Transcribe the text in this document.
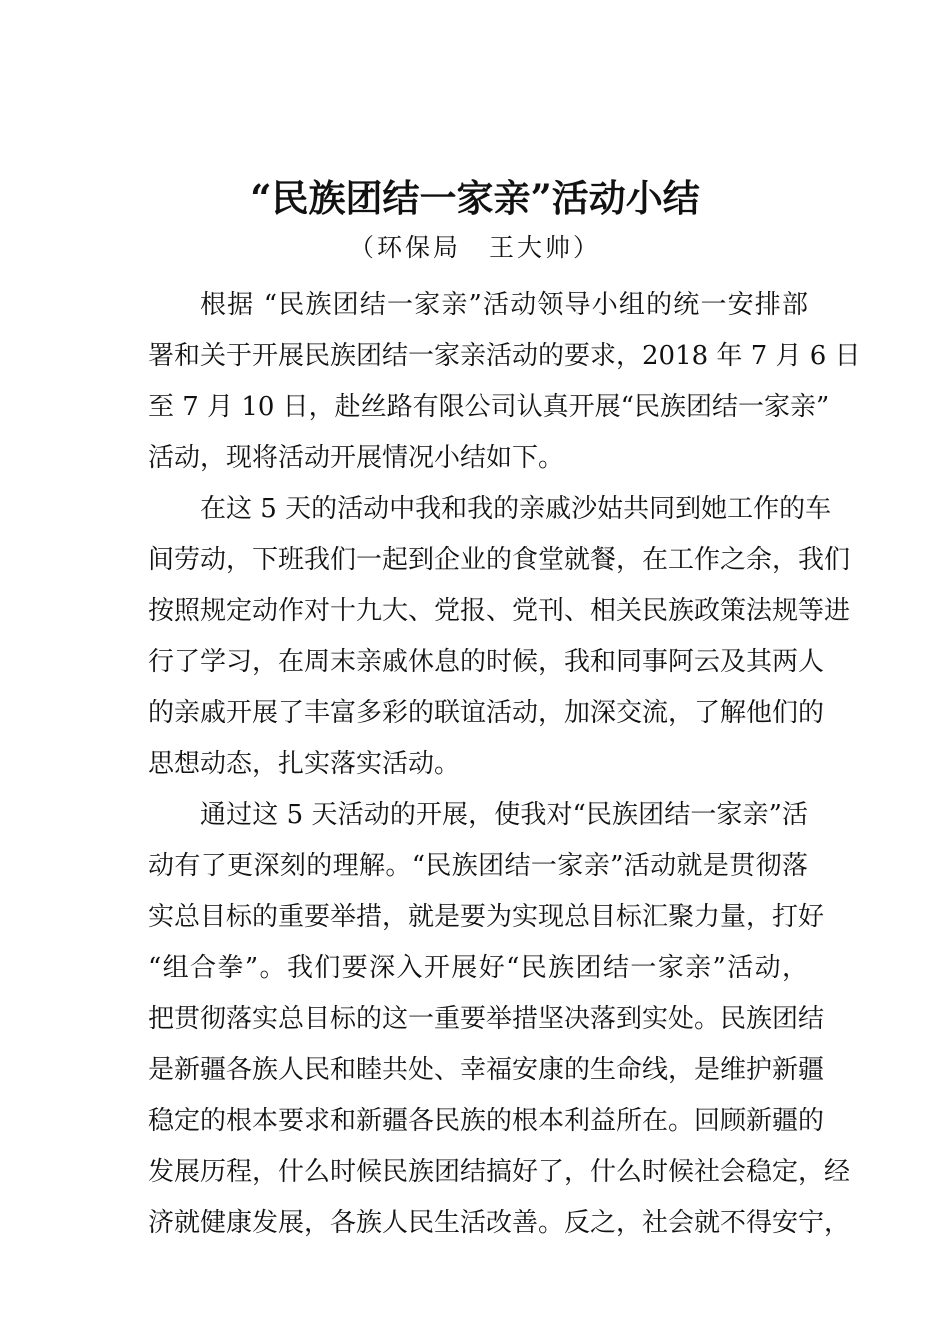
“民族团结一家亲”活动小结
（环保局　王大帅）
根据 “民族团结一家亲”活动领导小组的统一安排部
署和关于开展民族团结一家亲活动的要求，2018 年 7 月 6 日
至 7 月 10 日，赴丝路有限公司认真开展“民族团结一家亲”
活动，现将活动开展情况小结如下。
在这 5 天的活动中我和我的亲戚沙姑共同到她工作的车
间劳动，下班我们一起到企业的食堂就餐，在工作之余，我们
按照规定动作对十九大、党报、党刊、相关民族政策法规等进
行了学习，在周末亲戚休息的时候，我和同事阿云及其两人
的亲戚开展了丰富多彩的联谊活动，加深交流，了解他们的
思想动态，扎实落实活动。
通过这 5 天活动的开展，使我对“民族团结一家亲”活
动有了更深刻的理解。“民族团结一家亲”活动就是贯彻落
实总目标的重要举措，就是要为实现总目标汇聚力量，打好
“组合拳”。我们要深入开展好“民族团结一家亲”活动，
把贯彻落实总目标的这一重要举措坚决落到实处。民族团结
是新疆各族人民和睦共处、幸福安康的生命线，是维护新疆
稳定的根本要求和新疆各民族的根本利益所在。回顾新疆的
发展历程，什么时候民族团结搞好了，什么时候社会稳定，经
济就健康发展，各族人民生活改善。反之，社会就不得安宁，
